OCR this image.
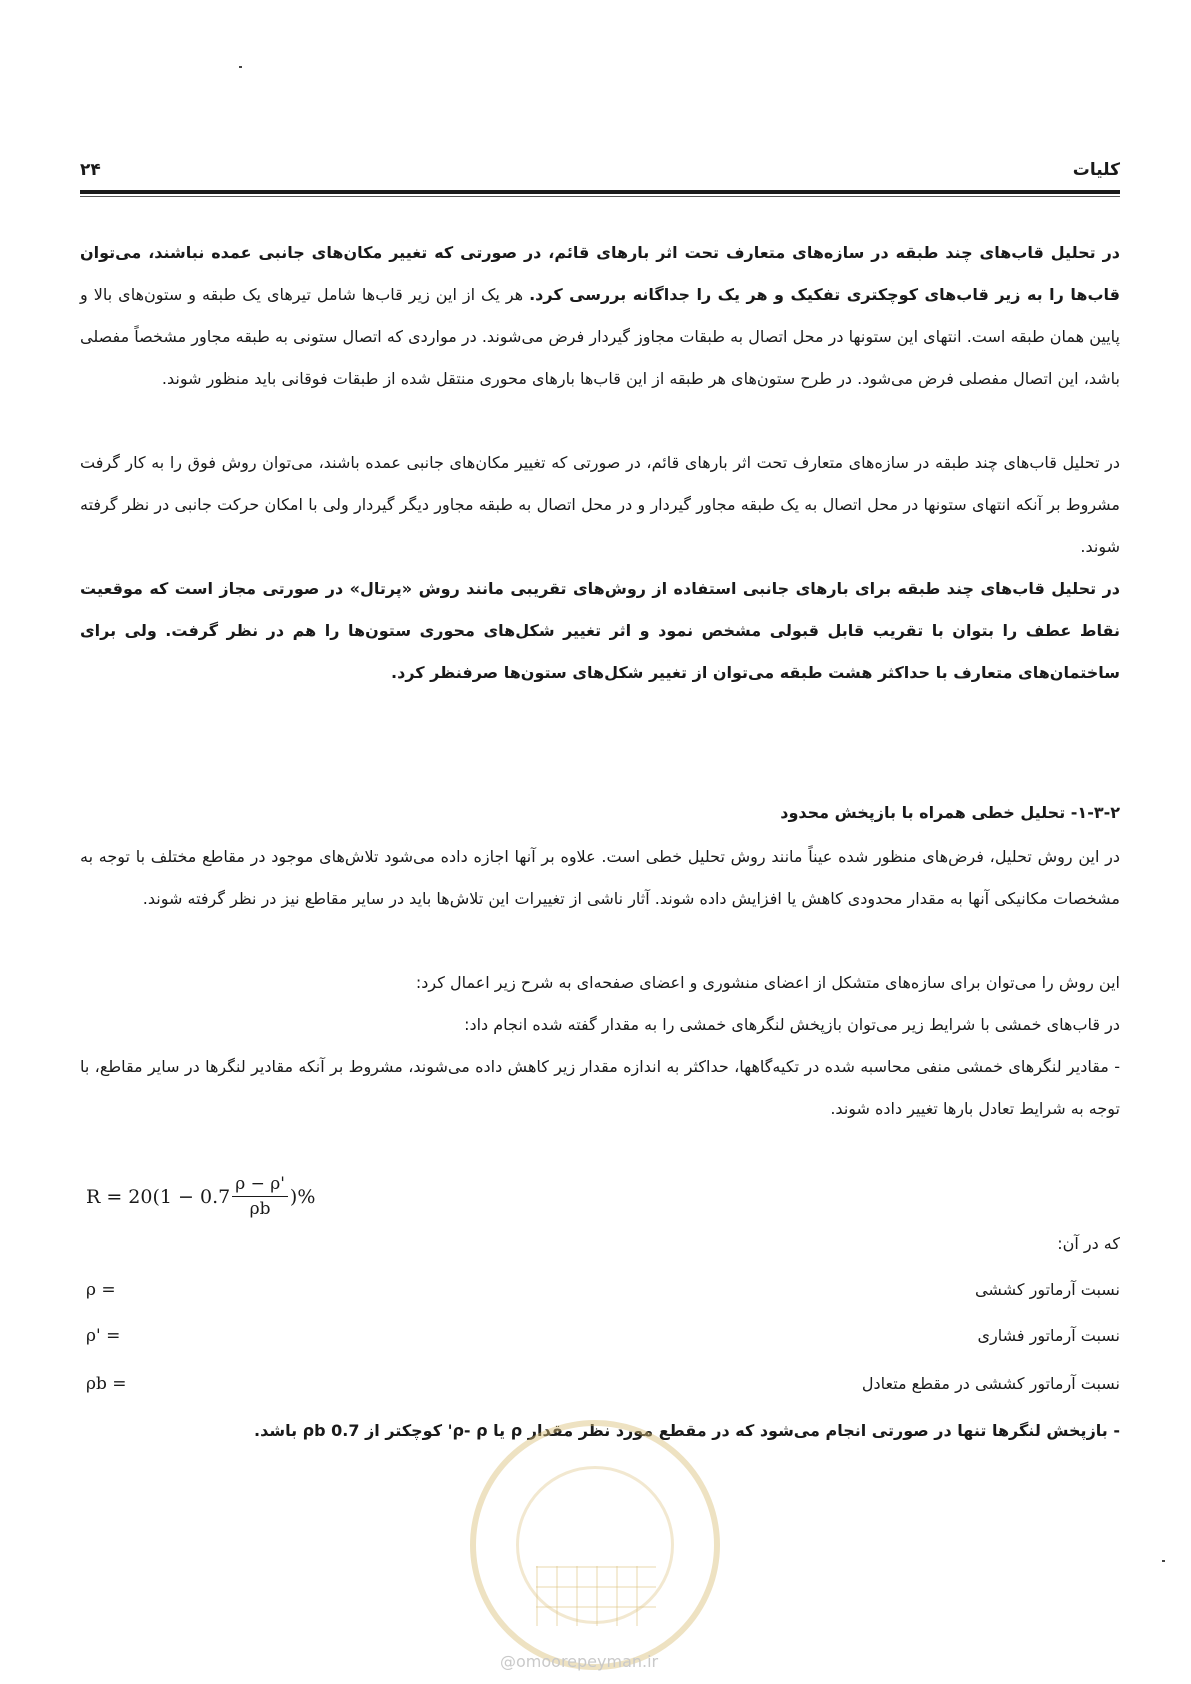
۲۴	کلیات

در تحلیل قاب‌های چند طبقه در سازه‌های متعارف تحت اثر بارهای قائم، در صورتی که تغییر مکان‌های جانبی عمده نباشند، می‌توان قاب‌ها را به زیر قاب‌های کوچکتری تفکیک و هر یک را جداگانه بررسی کرد. هر یک از این زیر قاب‌ها شامل تیرهای یک طبقه و ستون‌های بالا و پایین همان طبقه است. انتهای این ستونها در محل اتصال به طبقات مجاوز گیردار فرض می‌شوند. در مواردی که اتصال ستونی به طبقه مجاور مشخصاً مفصلی باشد، این اتصال مفصلی فرض می‌شود. در طرح ستون‌های هر طبقه از این قاب‌ها بارهای محوری منتقل شده از طبقات فوقانی باید منظور شوند.

در تحلیل قاب‌های چند طبقه در سازه‌های متعارف تحت اثر بارهای قائم، در صورتی که تغییر مکان‌های جانبی عمده باشند، می‌توان روش فوق را به کار گرفت مشروط بر آنکه انتهای ستونها در محل اتصال به یک طبقه مجاور گیردار و در محل اتصال به طبقه مجاور دیگر گیردار ولی با امکان حرکت جانبی در نظر گرفته شوند.

در تحلیل قاب‌های چند طبقه برای بارهای جانبی استفاده از روش‌های تقریبی مانند روش «پرتال» در صورتی مجاز است که موقعیت نقاط عطف را بتوان با تقریب قابل قبولی مشخص نمود و اثر تغییر شکل‌های محوری ستون‌ها را هم در نظر گرفت. ولی برای ساختمان‌های متعارف با حداکثر هشت طبقه می‌توان از تغییر شکل‌های ستون‌ها صرفنظر کرد.

۱-۳-۲- تحلیل خطی همراه با بازپخش محدود

در این روش تحلیل، فرض‌های منظور شده عیناً مانند روش تحلیل خطی است. علاوه بر آنها اجازه داده می‌شود تلاش‌های موجود در مقاطع مختلف با توجه به مشخصات مکانیکی آنها به مقدار محدودی کاهش یا افزایش داده شوند. آثار ناشی از تغییرات این تلاش‌ها باید در سایر مقاطع نیز در نظر گرفته شوند.

این روش را می‌توان برای سازه‌های متشکل از اعضای منشوری و اعضای صفحه‌ای به شرح زیر اعمال کرد:

در قاب‌های خمشی با شرایط زیر می‌توان بازپخش لنگرهای خمشی را به مقدار گفته شده انجام داد:

- مقادیر لنگرهای خمشی منفی محاسبه شده در تکیه‌گاهها، حداکثر به اندازه مقدار زیر کاهش داده می‌شوند، مشروط بر آنکه مقادیر لنگرها در سایر مقاطع، با توجه به شرایط تعادل بارها تغییر داده شوند.

$R = 20(1 - 0.7 \frac{\rho - \rho'}{\rho b}$ )%
که در آن:
نسبت آرماتور کششی
ρ =
نسبت آرماتور فشاری
ρ' =
نسبت آرماتور کششی در مقطع متعادل
ρb =

- بازپخش لنگرها تنها در صورتی انجام می‌شود که در مقطع مورد نظر مقدار ρ یا ρ- ρ' کوچکتر از 0.7 ρb باشد.

@omoorepeyman.ir
